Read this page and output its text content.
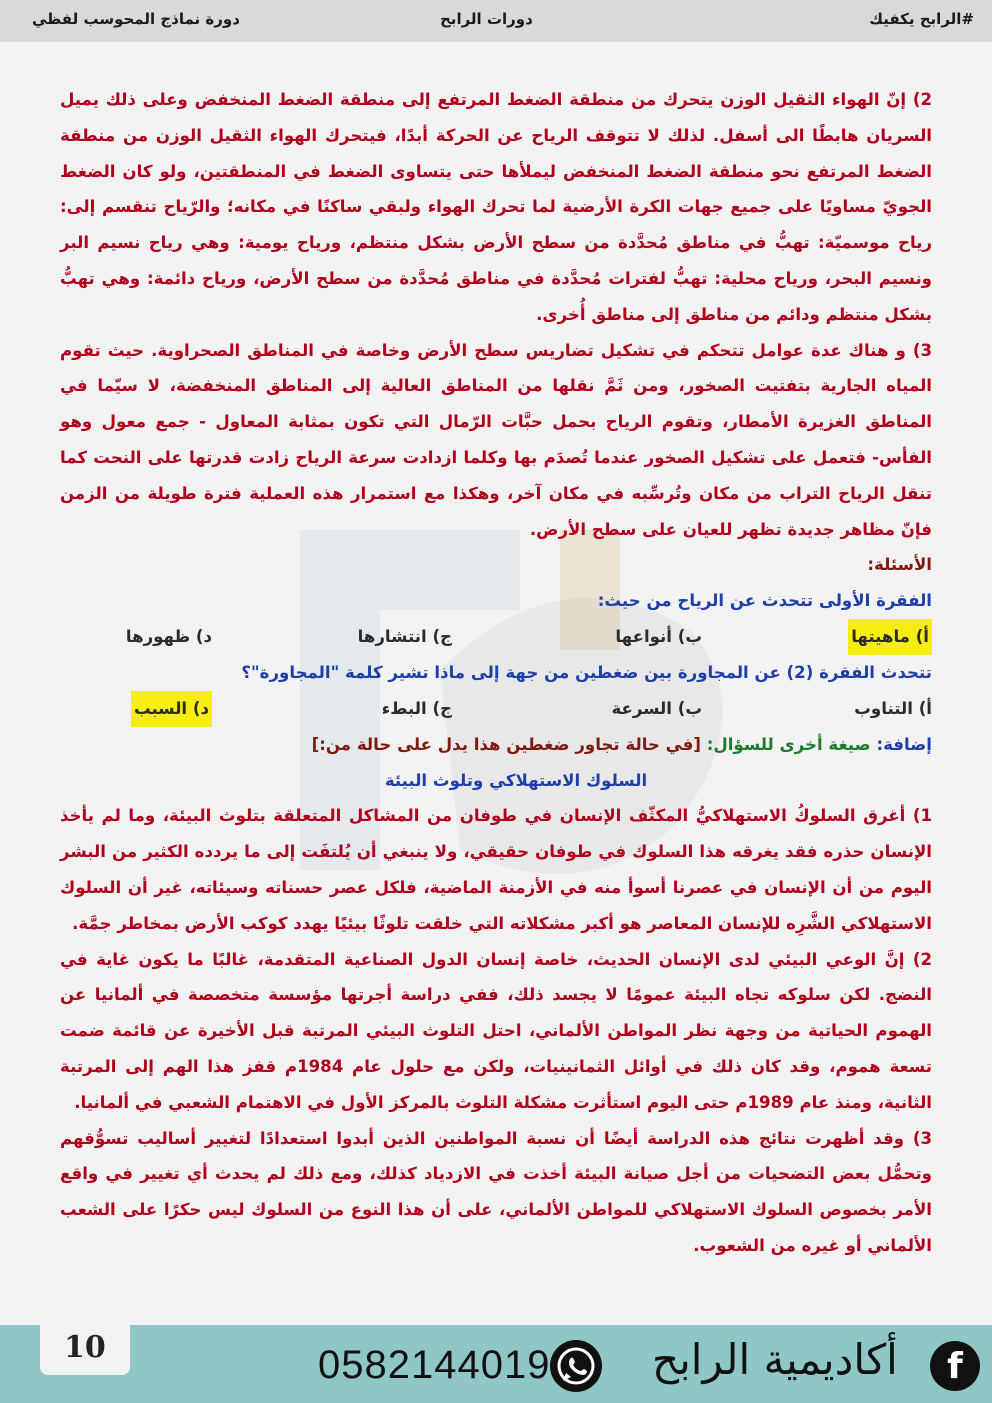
#الرابح يكفيك
دورات الرابح
دورة نماذج المحوسب لفظي

2) إنّ الهواء الثقيل الوزن يتحرك من منطقة الضغط المرتفع إلى منطقة الضغط المنخفض وعلى ذلك يميل السريان هابطًا الى أسفل. لذلك لا تتوقف الرياح عن الحركة أبدًا، فيتحرك الهواء الثقيل الوزن من منطقة الضغط المرتفع نحو منطقة الضغط المنخفض ليملأها حتى يتساوى الضغط في المنطقتين، ولو كان الضغط الجويّ مساويًا على جميع جهات الكرة الأرضية لما تحرك الهواء ولبقي ساكنًا في مكانه؛ والرّياح تنقسم إلى: رياح موسميّة: تهبُّ في مناطق مُحدَّدة من سطح الأرض بشكل منتظم، ورياح يومية: وهي رياح نسيم البر ونسيم البحر، ورياح محلية: تهبُّ لفترات مُحدَّدة في مناطق مُحدَّدة من سطح الأرض، ورياح دائمة: وهي تهبُّ بشكل منتظم ودائم من مناطق إلى مناطق أُخرى.

3) و هناك عدة عوامل تتحكم في تشكيل تضاريس سطح الأرض وخاصة في المناطق الصحراوية. حيث تقوم المياه الجارية بتفتيت الصخور، ومن ثَمَّ نقلها من المناطق العالية إلى المناطق المنخفضة، لا سيّما في المناطق الغزيرة الأمطار، وتقوم الرياح بحمل حبَّات الرّمال التي تكون بمثابة المعاول - جمع معول وهو الفأس- فتعمل على تشكيل الصخور عندما تُصدَم بها وكلما ازدادت سرعة الرياح زادت قدرتها على النحت كما تنقل الرياح التراب من مكان وتُرسِّبه في مكان آخر، وهكذا مع استمرار هذه العملية فترة طويلة من الزمن فإنّ مظاهر جديدة تظهر للعيان على سطح الأرض.

الأسئلة:

الفقرة الأولى تتحدث عن الرياح من حيث:

أ) ماهيتها
ب) أنواعها
ج) انتشارها
د) ظهورها

تتحدث الفقرة (2) عن المجاورة بين ضغطين من جهة إلى ماذا تشير كلمة "المجاورة"؟

أ) التناوب
ب) السرعة
ج) البطء
د) السبب

إضافة: صيغة أخرى للسؤال: [في حالة تجاور ضغطين هذا يدل على حالة من:]

السلوك الاستهلاكي وتلوث البيئة

1) أغرق السلوكُ الاستهلاكيُّ المكثّف الإنسان في طوفان من المشاكل المتعلقة بتلوث البيئة، وما لم يأخذ الإنسان حذره فقد يغرقه هذا السلوك في طوفان حقيقي، ولا ينبغي أن يُلتفَت إلى ما يردده الكثير من البشر اليوم من أن الإنسان في عصرنا أسوأ منه في الأزمنة الماضية، فلكل عصر حسناته وسيئاته، غير أن السلوك الاستهلاكي الشَّرِه للإنسان المعاصر هو أكبر مشكلاته التي خلقت تلوثًا بيئيًا يهدد كوكب الأرض بمخاطر جمَّة.

2) إنَّ الوعي البيئي لدى الإنسان الحديث، خاصة إنسان الدول الصناعية المتقدمة، غالبًا ما يكون غاية في النضج. لكن سلوكه تجاه البيئة عمومًا لا يجسد ذلك، ففي دراسة أجرتها مؤسسة متخصصة في ألمانيا عن الهموم الحياتية من وجهة نظر المواطن الألماني، احتل التلوث البيئي المرتبة قبل الأخيرة عن قائمة ضمت تسعة هموم، وقد كان ذلك في أوائل الثمانينيات، ولكن مع حلول عام 1984م قفز هذا الهم إلى المرتبة الثانية، ومنذ عام 1989م حتى اليوم استأثرت مشكلة التلوث بالمركز الأول في الاهتمام الشعبي في ألمانيا.

3) وقد أظهرت نتائج هذه الدراسة أيضًا أن نسبة المواطنين الذين أبدوا استعدادًا لتغيير أساليب تسوُّقهم وتحمُّل بعض التضحيات من أجل صيانة البيئة أخذت في الازدياد كذلك، ومع ذلك لم يحدث أي تغيير في واقع الأمر بخصوص السلوك الاستهلاكي للمواطن الألماني، على أن هذا النوع من السلوك ليس حكرًا على الشعب الألماني أو غيره من الشعوب.

10	0582144019 أكاديمية الرابح	f
